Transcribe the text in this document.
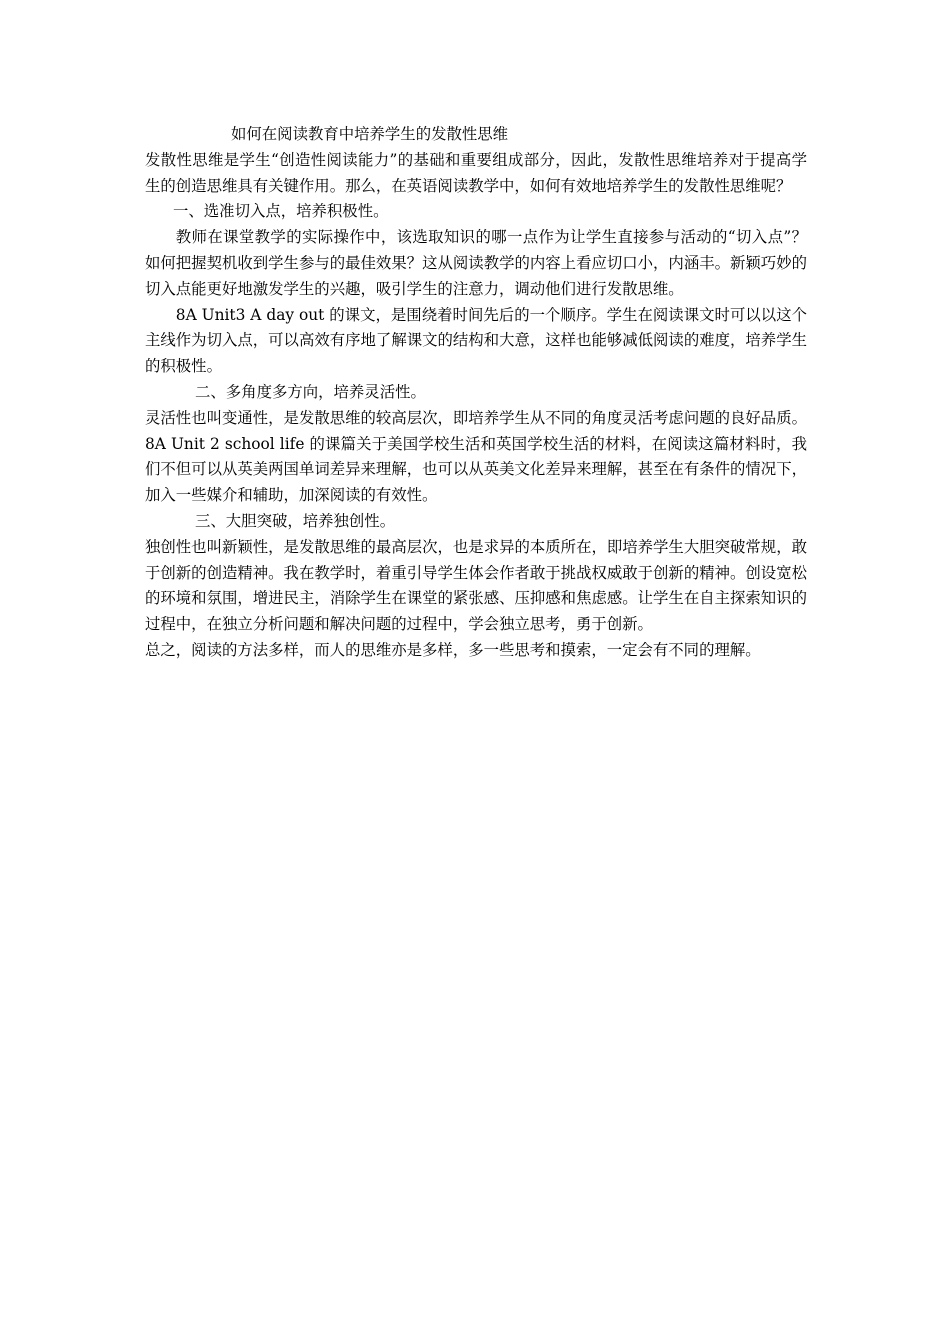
如何在阅读教育中培养学生的发散性思维

发散性思维是学生“创造性阅读能力”的基础和重要组成部分，因此，发散性思维培养对于提高学生的创造思维具有关键作用。那么，在英语阅读教学中，如何有效地培养学生的发散性思维呢？

一、选准切入点，培养积极性。

教师在课堂教学的实际操作中，该选取知识的哪一点作为让学生直接参与活动的“切入点”？如何把握契机收到学生参与的最佳效果？这从阅读教学的内容上看应切口小，内涵丰。新颖巧妙的切入点能更好地激发学生的兴趣，吸引学生的注意力，调动他们进行发散思维。

8A Unit3 A day out 的课文，是围绕着时间先后的一个顺序。学生在阅读课文时可以以这个主线作为切入点，可以高效有序地了解课文的结构和大意，这样也能够减低阅读的难度，培养学生的积极性。

二、多角度多方向，培养灵活性。

灵活性也叫变通性，是发散思维的较高层次，即培养学生从不同的角度灵活考虑问题的良好品质。8A Unit 2 school life 的课篇关于美国学校生活和英国学校生活的材料，在阅读这篇材料时，我们不但可以从英美两国单词差异来理解，也可以从英美文化差异来理解，甚至在有条件的情况下，加入一些媒介和辅助，加深阅读的有效性。

三、大胆突破，培养独创性。

独创性也叫新颖性，是发散思维的最高层次，也是求异的本质所在，即培养学生大胆突破常规，敢于创新的创造精神。我在教学时，着重引导学生体会作者敢于挑战权威敢于创新的精神。创设宽松的环境和氛围，增进民主，消除学生在课堂的紧张感、压抑感和焦虑感。让学生在自主探索知识的过程中，在独立分析问题和解决问题的过程中，学会独立思考，勇于创新。

总之，阅读的方法多样，而人的思维亦是多样，多一些思考和摸索，一定会有不同的理解。
